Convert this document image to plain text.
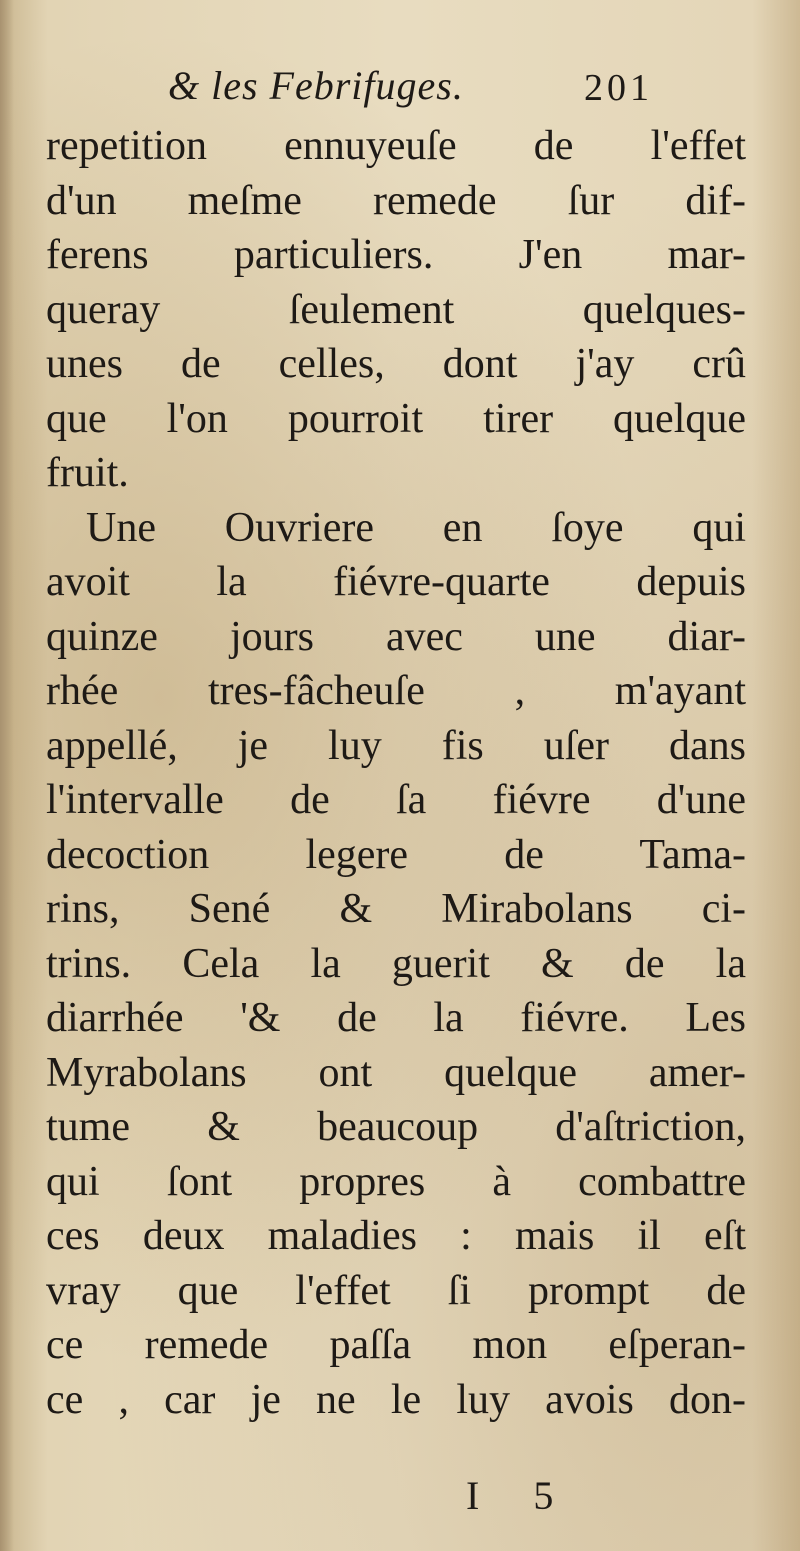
& les Febrifuges.	201
repetition ennuyeuſe de l'effet
d'un meſme remede ſur dif-
ferens particuliers. J'en mar-
queray ſeulement quelques-
unes de celles, dont j'ay crû
que l'on pourroit tirer quelque
fruit.
Une Ouvriere en ſoye qui
avoit la fiévre-quarte depuis
quinze jours avec une diar-
rhée tres-fâcheuſe , m'ayant
appellé, je luy fis uſer dans
l'intervalle de ſa fiévre d'une
decoction legere de Tama-
rins, Sené & Mirabolans ci-
trins. Cela la guerit & de la
diarrhée '& de la fiévre. Les
Myrabolans ont quelque amer-
tume & beaucoup d'aſtriction,
qui ſont propres à combattre
ces deux maladies : mais il eſt
vray que l'effet ſi prompt de
ce remede paſſa mon eſperan-
ce , car je ne le luy avois don-
I 5
